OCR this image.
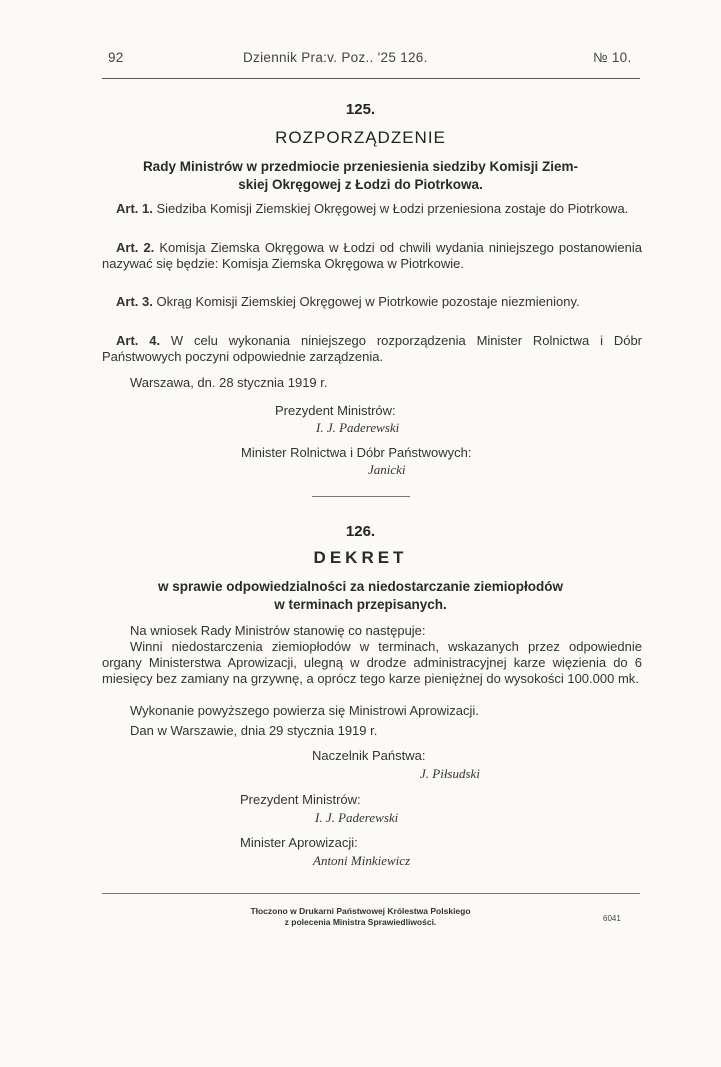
92	Dziennik Pra:v. Poz.. '25 126.	№ 10.
125.
ROZPORZĄDZENIE
Rady Ministrów w przedmiocie przeniesienia siedziby Komisji Ziem-
skiej Okręgowej z Łodzi do Piotrkowa.
Art. 1. Siedziba Komisji Ziemskiej Okręgowej w Łodzi przeniesiona zostaje do Piotrkowa.
Art. 2. Komisja Ziemska Okręgowa w Łodzi od chwili wydania niniejszego postanowienia nazywać się będzie: Komisja Ziemska Okręgowa w Piotrkowie.
Art. 3. Okrąg Komisji Ziemskiej Okręgowej w Piotrkowie pozostaje niezmieniony.
Art. 4. W celu wykonania niniejszego rozporządzenia Minister Rolnictwa i Dóbr Państwowych poczyni odpowiednie zarządzenia.
Warszawa, dn. 28 stycznia 1919 r.
Prezydent Ministrów:
I. J. Paderewski
Minister Rolnictwa i Dóbr Państwowych:
Janicki
126.
DEKRET
w sprawie odpowiedzialności za niedostarczanie ziemiopłodów
w terminach przepisanych.
Na wniosek Rady Ministrów stanowię co następuje:
Winni niedostarczenia ziemiopłodów w terminach, wskazanych przez odpowiednie organy Ministerstwa Aprowizacji, ulegną w drodze administracyjnej karze więzienia do 6 miesięcy bez zamiany na grzywnę, a oprócz tego karze pieniężnej do wysokości 100.000 mk.
Wykonanie powyższego powierza się Ministrowi Aprowizacji.
Dan w Warszawie, dnia 29 stycznia 1919 r.
Naczelnik Państwa:
J. Piłsudski
Prezydent Ministrów:
I. J. Paderewski
Minister Aprowizacji:
Antoni Minkiewicz
Tłoczono w Drukarni Państwowej Królestwa Polskiego
z polecenia Ministra Sprawiedliwości.	6041
